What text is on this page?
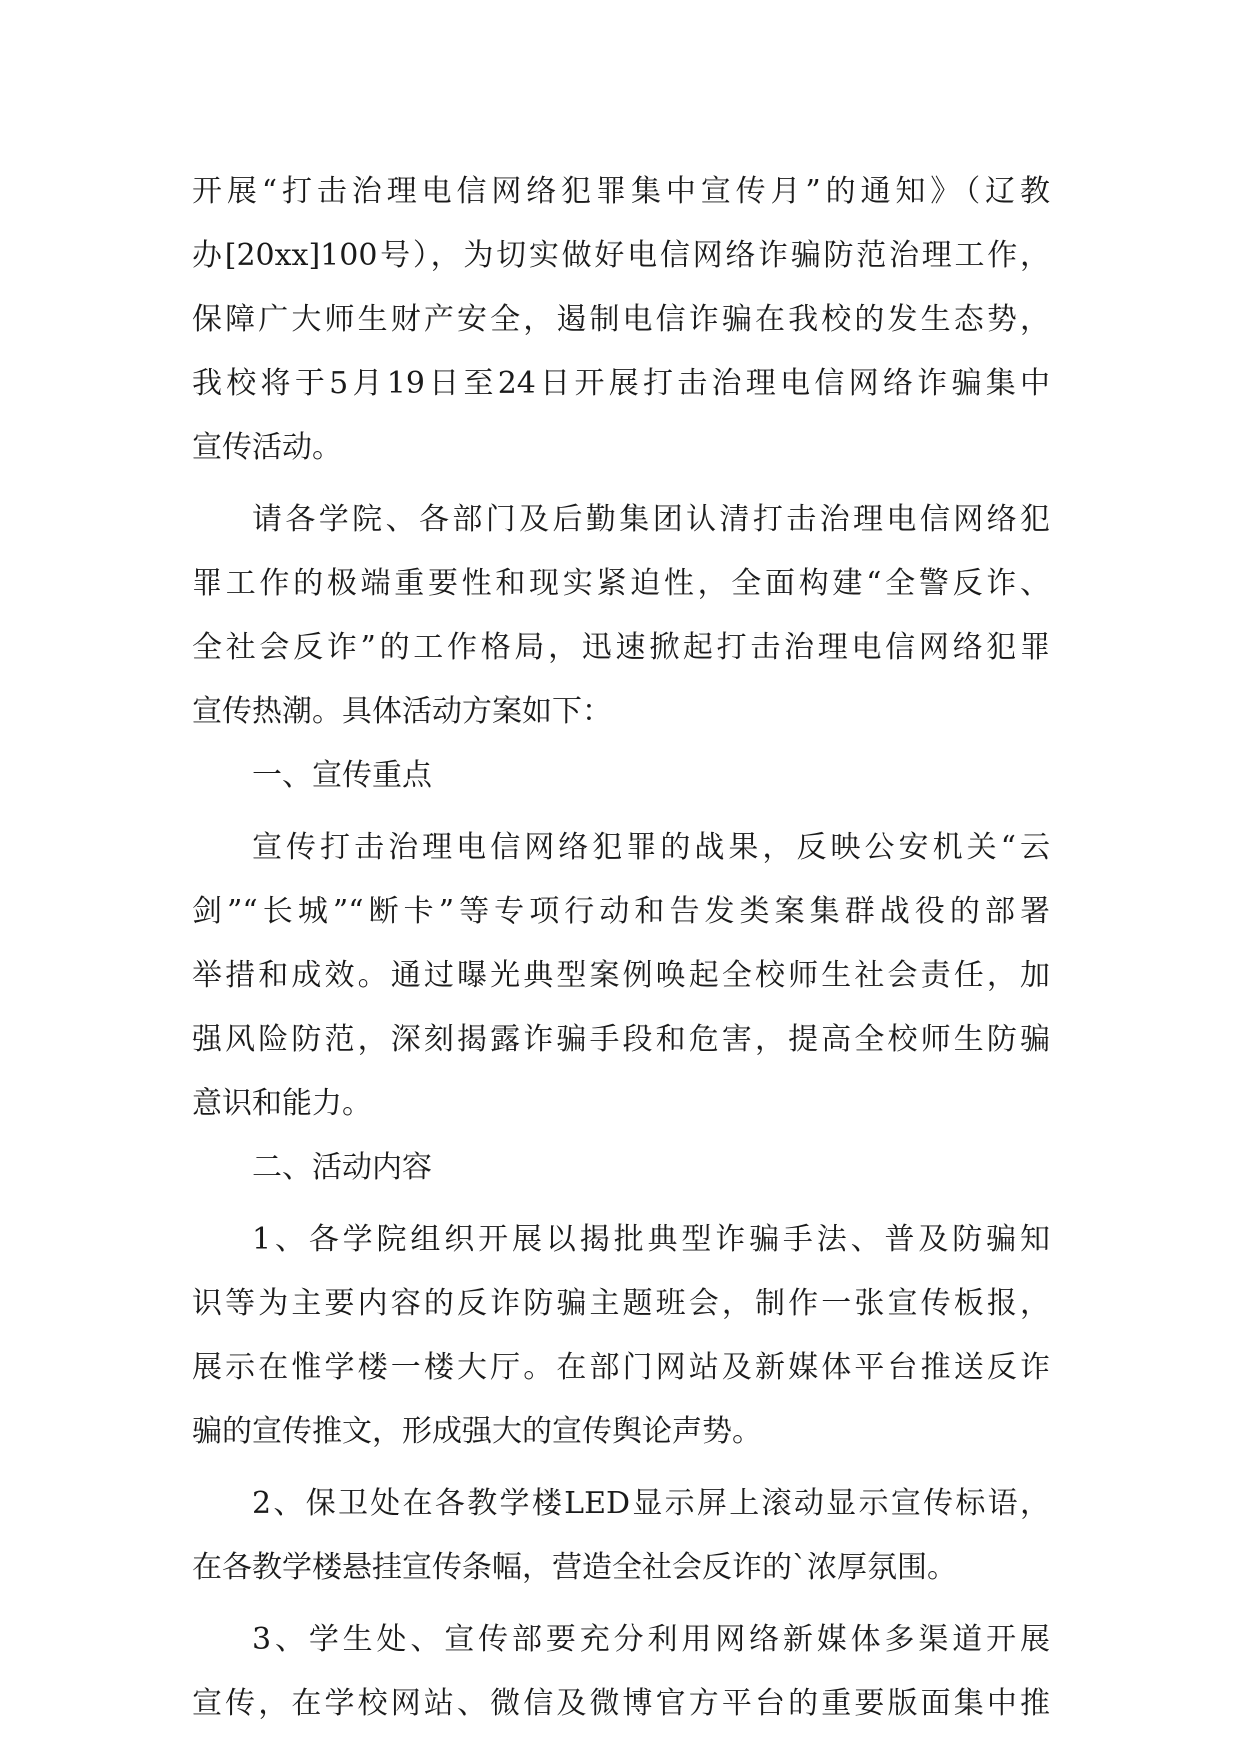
开展“打击治理电信网络犯罪集中宣传月”的通知》（辽教
办[20xx]100号），为切实做好电信网络诈骗防范治理工作，
保障广大师生财产安全，遏制电信诈骗在我校的发生态势，
我校将于5月19日至24日开展打击治理电信网络诈骗集中
宣传活动。
请各学院、各部门及后勤集团认清打击治理电信网络犯
罪工作的极端重要性和现实紧迫性，全面构建“全警反诈、
全社会反诈”的工作格局，迅速掀起打击治理电信网络犯罪
宣传热潮。具体活动方案如下：
一、宣传重点
宣传打击治理电信网络犯罪的战果，反映公安机关“云
剑”“长城”“断卡”等专项行动和告发类案集群战役的部署
举措和成效。通过曝光典型案例唤起全校师生社会责任，加
强风险防范，深刻揭露诈骗手段和危害，提高全校师生防骗
意识和能力。
二、活动内容
1、各学院组织开展以揭批典型诈骗手法、普及防骗知
识等为主要内容的反诈防骗主题班会，制作一张宣传板报，
展示在惟学楼一楼大厅。在部门网站及新媒体平台推送反诈
骗的宣传推文，形成强大的宣传舆论声势。
2、保卫处在各教学楼LED显示屏上滚动显示宣传标语，
在各教学楼悬挂宣传条幅，营造全社会反诈的`浓厚氛围。
3、学生处、宣传部要充分利用网络新媒体多渠道开展
宣传，在学校网站、微信及微博官方平台的重要版面集中推
